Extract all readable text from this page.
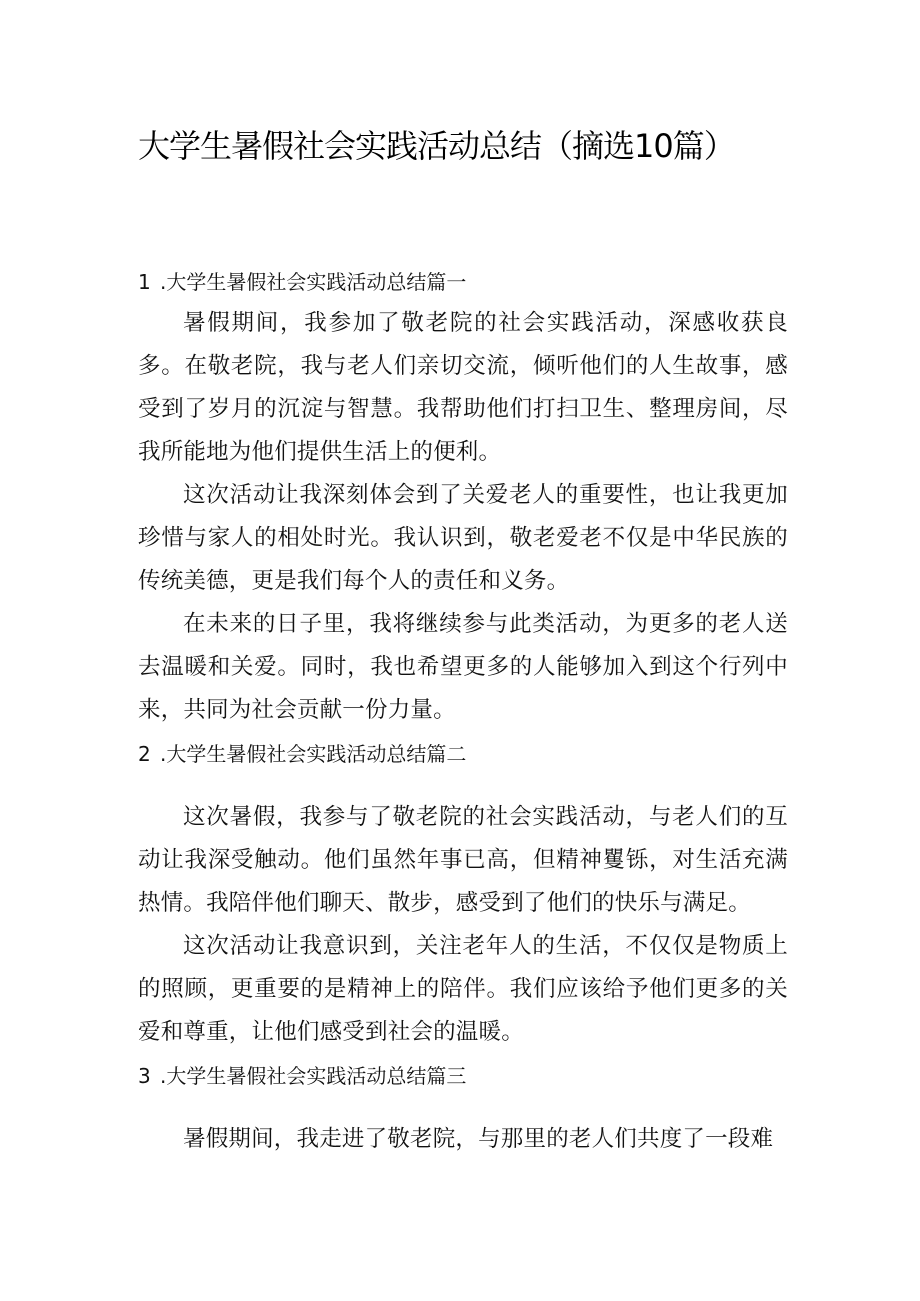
大学生暑假社会实践活动总结（摘选10篇）
1 .大学生暑假社会实践活动总结篇一

暑假期间，我参加了敬老院的社会实践活动，深感收获良多。在敬老院，我与老人们亲切交流，倾听他们的人生故事，感受到了岁月的沉淀与智慧。我帮助他们打扫卫生、整理房间，尽我所能地为他们提供生活上的便利。

这次活动让我深刻体会到了关爱老人的重要性，也让我更加珍惜与家人的相处时光。我认识到，敬老爱老不仅是中华民族的传统美德，更是我们每个人的责任和义务。

在未来的日子里，我将继续参与此类活动，为更多的老人送去温暖和关爱。同时，我也希望更多的人能够加入到这个行列中来，共同为社会贡献一份力量。

2 .大学生暑假社会实践活动总结篇二

这次暑假，我参与了敬老院的社会实践活动，与老人们的互动让我深受触动。他们虽然年事已高，但精神矍铄，对生活充满热情。我陪伴他们聊天、散步，感受到了他们的快乐与满足。

这次活动让我意识到，关注老年人的生活，不仅仅是物质上的照顾，更重要的是精神上的陪伴。我们应该给予他们更多的关爱和尊重，让他们感受到社会的温暖。

3 .大学生暑假社会实践活动总结篇三

暑假期间，我走进了敬老院，与那里的老人们共度了一段难
